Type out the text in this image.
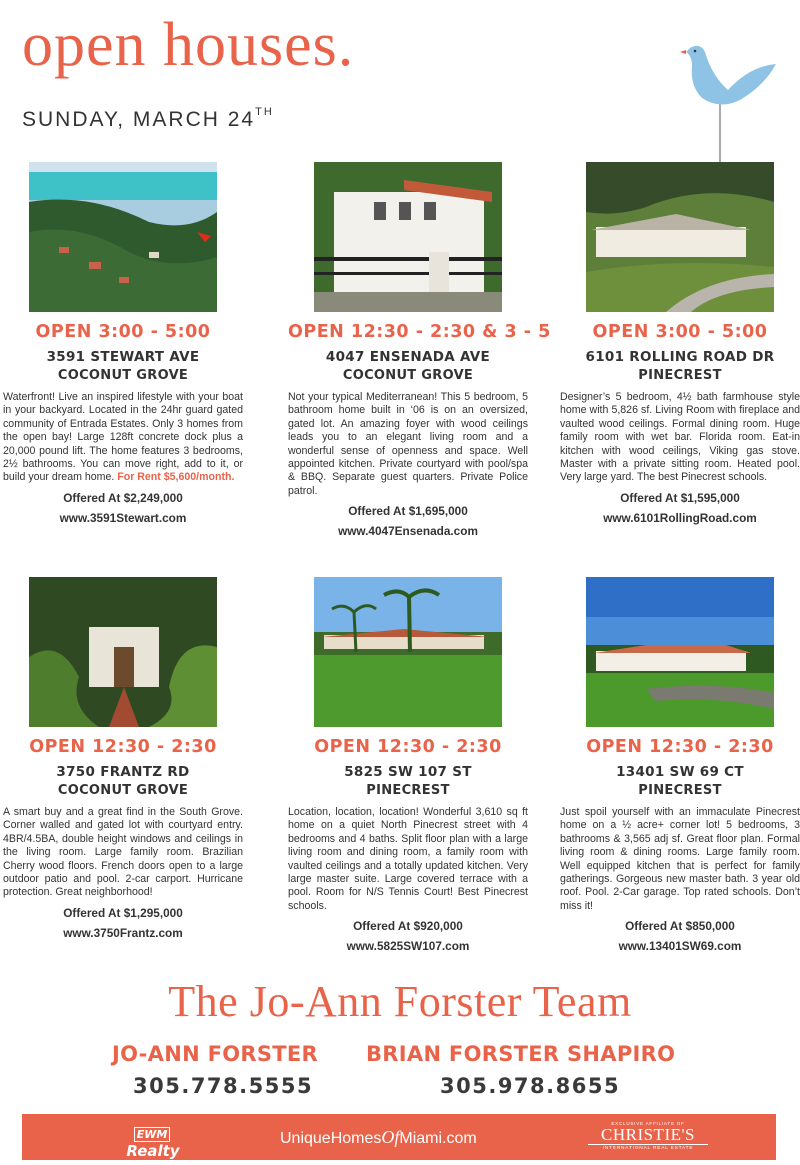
open houses.
SUNDAY, MARCH 24TH
OPEN 3:00 - 5:00
3591 STEWART AVE
COCONUT GROVE

Waterfront! Live an inspired lifestyle with your boat in your backyard. Located in the 24hr guard gated community of Entrada Estates. Only 3 homes from the open bay! Large 128ft concrete dock plus a 20,000 pound lift. The home features 3 bedrooms, 2½ bathrooms. You can move right, add to it, or build your dream home. For Rent $5,600/month.

Offered At $2,249,000
www.3591Stewart.com
OPEN 12:30 - 2:30 & 3 - 5
4047 ENSENADA AVE
COCONUT GROVE

Not your typical Mediterranean! This 5 bedroom, 5 bathroom home built in ‘06 is on an oversized, gated lot. An amazing foyer with wood ceilings leads you to an elegant living room and a wonderful sense of openness and space. Well appointed kitchen. Private courtyard with pool/spa & BBQ. Separate guest quarters. Private Police patrol.

Offered At $1,695,000
www.4047Ensenada.com
OPEN 3:00 - 5:00
6101 ROLLING ROAD DR
PINECREST

Designer’s 5 bedroom, 4½ bath farmhouse style home with 5,826 sf. Living Room with fireplace and vaulted wood ceilings. Formal dining room. Huge family room with wet bar. Florida room. Eat-in kitchen with wood ceilings, Viking gas stove. Master with a private sitting room. Heated pool. Very large yard. The best Pinecrest schools.

Offered At $1,595,000
www.6101RollingRoad.com
OPEN 12:30 - 2:30
3750 FRANTZ RD
COCONUT GROVE

A smart buy and a great find in the South Grove. Corner walled and gated lot with courtyard entry. 4BR/4.5BA, double height windows and ceilings in the living room. Large family room. Brazilian Cherry wood floors. French doors open to a large outdoor patio and pool. 2-car carport. Hurricane protection. Great neighborhood!

Offered At $1,295,000
www.3750Frantz.com
OPEN 12:30 - 2:30
5825 SW 107 ST
PINECREST

Location, location, location! Wonderful 3,610 sq ft home on a quiet North Pinecrest street with 4 bedrooms and 4 baths. Split floor plan with a large living room and dining room, a family room with vaulted ceilings and a totally updated kitchen. Very large master suite. Large covered terrace with a pool. Room for N/S Tennis Court! Best Pinecrest schools.

Offered At $920,000
www.5825SW107.com
OPEN 12:30 - 2:30
13401 SW 69 CT
PINECREST

Just spoil yourself with an immaculate Pinecrest home on a ½ acre+ corner lot! 5 bedrooms, 3 bathrooms & 3,565 adj sf. Great floor plan. Formal living room & dining rooms. Large family room. Well equipped kitchen that is perfect for family gatherings. Gorgeous new master bath. 3 year old roof. Pool. 2-Car garage. Top rated schools. Don’t miss it!

Offered At $850,000
www.13401SW69.com
The Jo-Ann Forster Team
JO-ANN FORSTER BRIAN FORSTER SHAPIRO
305.778.5555	305.978.8655
EWMRealty
INTERNATIONAL
UniqueHomesOfMiami.com
EXCLUSIVE AFFILIATE OF
CHRISTIE'S
INTERNATIONAL REAL ESTATE
